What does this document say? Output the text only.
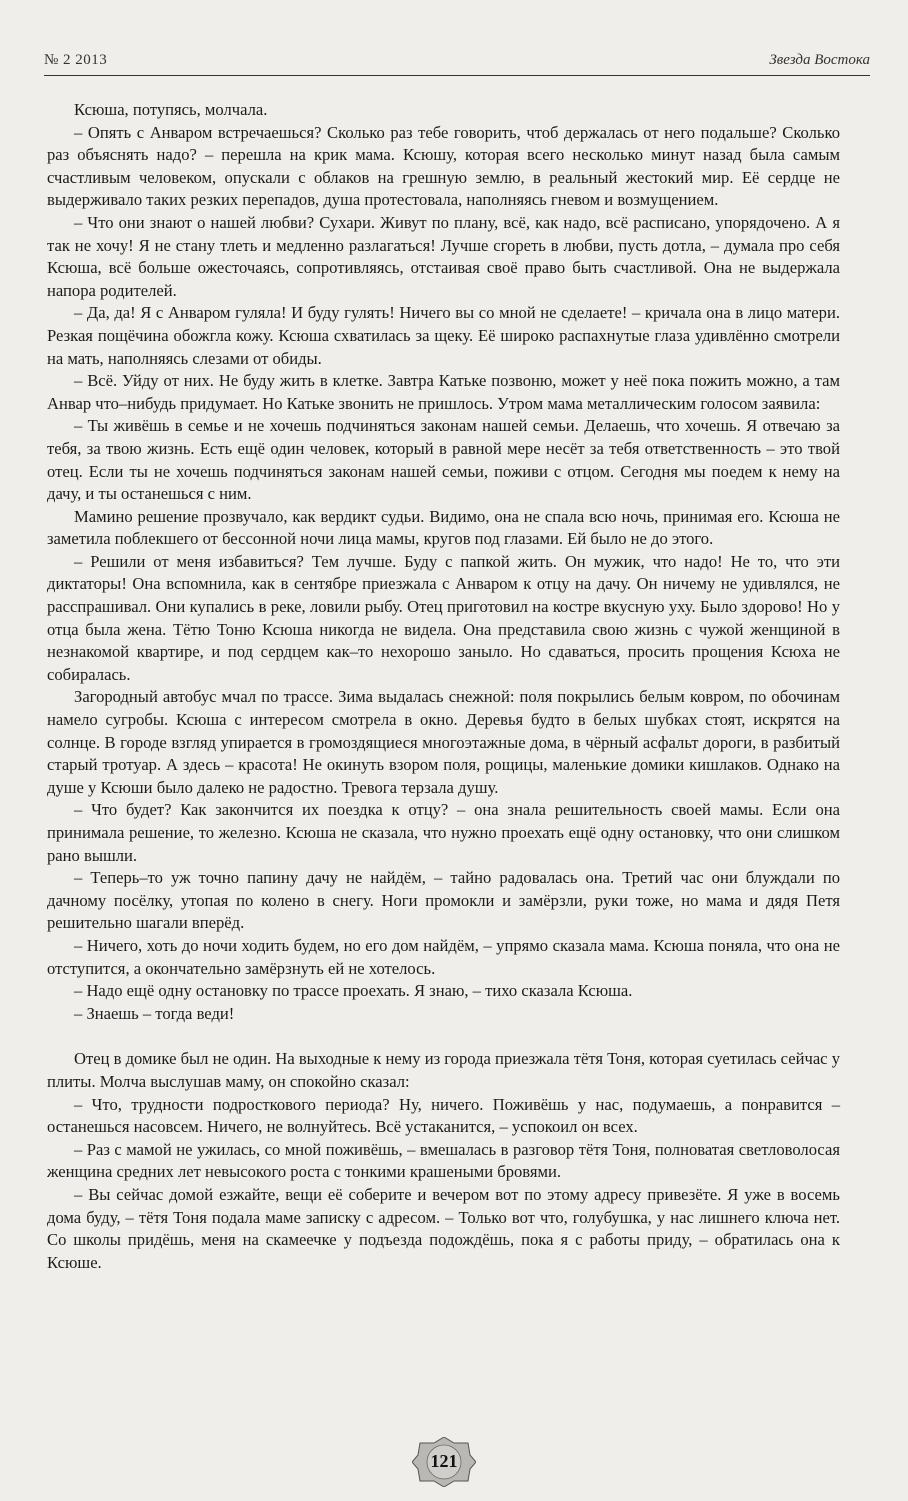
№ 2 2013	Звезда Востока

Ксюша, потупясь, молчала.

– Опять с Анваром встречаешься? Сколько раз тебе говорить, чтоб держалась от него подальше? Сколько раз объяснять надо? – перешла на крик мама. Ксюшу, которая всего несколько минут назад была самым счастливым человеком, опускали с облаков на грешную землю, в реальный жестокий мир. Её сердце не выдерживало таких резких перепадов, душа протестовала, наполняясь гневом и возмущением.

– Что они знают о нашей любви? Сухари. Живут по плану, всё, как надо, всё расписано, упорядочено. А я так не хочу! Я не стану тлеть и медленно разлагаться! Лучше сгореть в любви, пусть дотла, – думала про себя Ксюша, всё больше ожесточаясь, сопротивляясь, отстаивая своё право быть счастливой. Она не выдержала напора родителей.

– Да, да! Я с Анваром гуляла! И буду гулять! Ничего вы со мной не сделаете! – кричала она в лицо матери. Резкая пощёчина обожгла кожу. Ксюша схватилась за щеку. Её широко распахнутые глаза удивлённо смотрели на мать, наполняясь слезами от обиды.

– Всё. Уйду от них. Не буду жить в клетке. Завтра Катьке позвоню, может у неё пока пожить можно, а там Анвар что–нибудь придумает. Но Катьке звонить не пришлось. Утром мама металлическим голосом заявила:

– Ты живёшь в семье и не хочешь подчиняться законам нашей семьи. Делаешь, что хочешь. Я отвечаю за тебя, за твою жизнь. Есть ещё один человек, который в равной мере несёт за тебя ответственность – это твой отец. Если ты не хочешь подчиняться законам нашей семьи, поживи с отцом. Сегодня мы поедем к нему на дачу, и ты останешься с ним.

Мамино решение прозвучало, как вердикт судьи. Видимо, она не спала всю ночь, принимая его. Ксюша не заметила поблекшего от бессонной ночи лица мамы, кругов под глазами. Ей было не до этого.

– Решили от меня избавиться? Тем лучше. Буду с папкой жить. Он мужик, что надо! Не то, что эти диктаторы! Она вспомнила, как в сентябре приезжала с Анваром к отцу на дачу. Он ничему не удивлялся, не расспрашивал. Они купались в реке, ловили рыбу. Отец приготовил на костре вкусную уху. Было здорово! Но у отца была жена. Тётю Тоню Ксюша никогда не видела. Она представила свою жизнь с чужой женщиной в незнакомой квартире, и под сердцем как–то нехорошо заныло. Но сдаваться, просить прощения Ксюха не собиралась.

Загородный автобус мчал по трассе. Зима выдалась снежной: поля покрылись белым ковром, по обочинам намело сугробы. Ксюша с интересом смотрела в окно. Деревья будто в белых шубках стоят, искрятся на солнце. В городе взгляд упирается в громоздящиеся многоэтажные дома, в чёрный асфальт дороги, в разбитый старый тротуар. А здесь – красота! Не окинуть взором поля, рощицы, маленькие домики кишлаков. Однако на душе у Ксюши было далеко не радостно. Тревога терзала душу.

– Что будет? Как закончится их поездка к отцу? – она знала решительность своей мамы. Если она принимала решение, то железно. Ксюша не сказала, что нужно проехать ещё одну остановку, что они слишком рано вышли.

– Теперь–то уж точно папину дачу не найдём, – тайно радовалась она. Третий час они блуждали по дачному посёлку, утопая по колено в снегу. Ноги промокли и замёрзли, руки тоже, но мама и дядя Петя решительно шагали вперёд.

– Ничего, хоть до ночи ходить будем, но его дом найдём, – упрямо сказала мама. Ксюша поняла, что она не отступится, а окончательно замёрзнуть ей не хотелось.

– Надо ещё одну остановку по трассе проехать. Я знаю, – тихо сказала Ксюша.

– Знаешь – тогда веди!

Отец в домике был не один. На выходные к нему из города приезжала тётя Тоня, которая суетилась сейчас у плиты. Молча выслушав маму, он спокойно сказал:

– Что, трудности подросткового периода? Ну, ничего. Поживёшь у нас, подумаешь, а понравится – останешься насовсем. Ничего, не волнуйтесь. Всё устаканится, – успокоил он всех.

– Раз с мамой не ужилась, со мной поживёшь, – вмешалась в разговор тётя Тоня, полноватая светловолосая женщина средних лет невысокого роста с тонкими крашеными бровями.

– Вы сейчас домой езжайте, вещи её соберите и вечером вот по этому адресу привезёте. Я уже в восемь дома буду, – тётя Тоня подала маме записку с адресом. – Только вот что, голубушка, у нас лишнего ключа нет. Со школы придёшь, меня на скамеечке у подъезда подождёшь, пока я с работы приду, – обратилась она к Ксюше.

121
